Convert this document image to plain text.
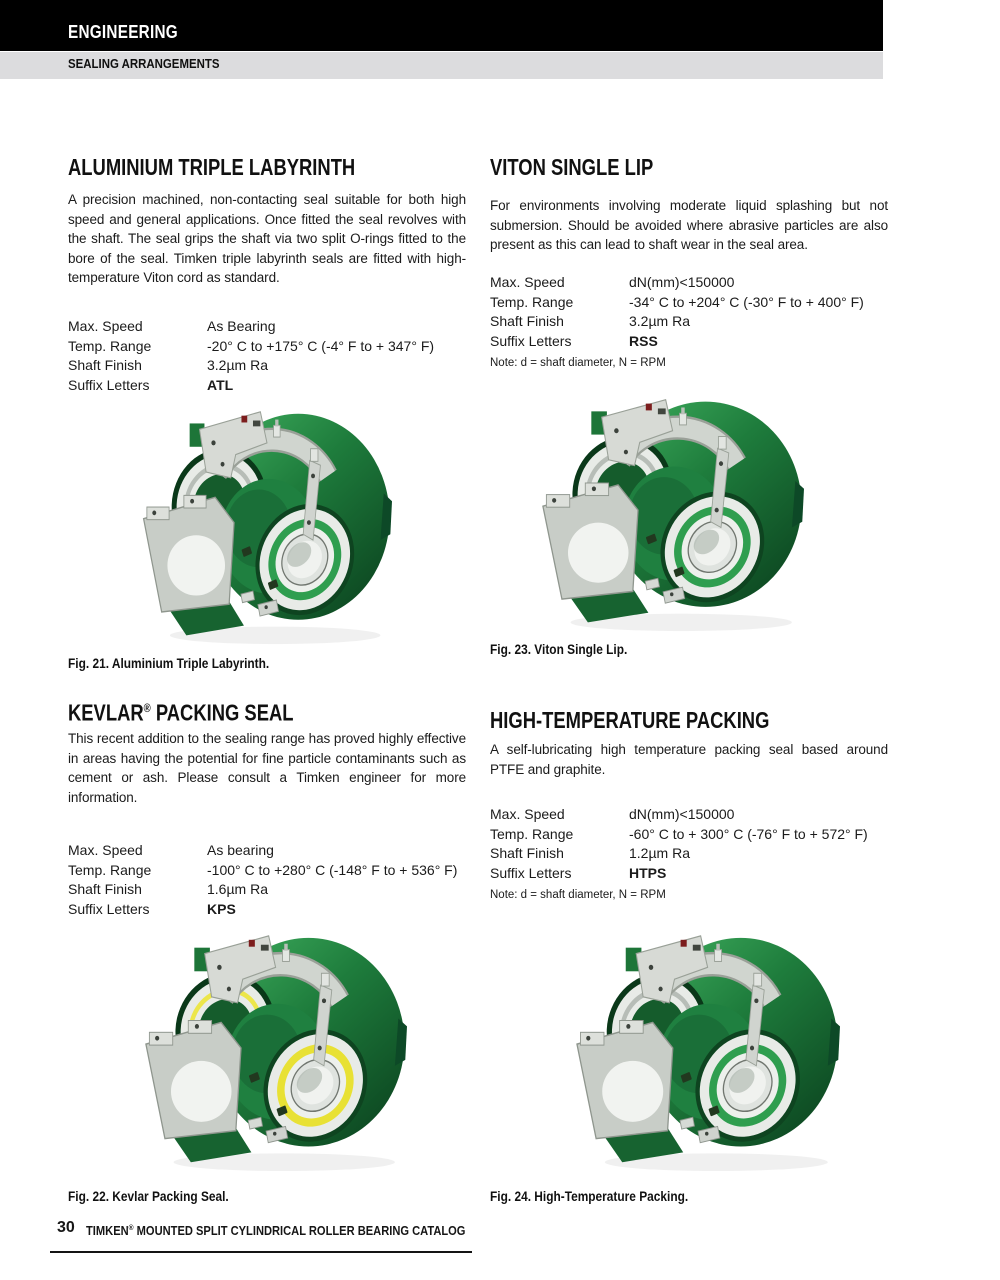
ENGINEERING
SEALING ARRANGEMENTS
ALUMINIUM TRIPLE LABYRINTH

A precision machined, non-contacting seal suitable for both high speed and general applications. Once fitted the seal revolves with the shaft. The seal grips the shaft via two split O-rings fitted to the bore of the seal. Timken triple labyrinth seals are fitted with high-temperature Viton cord as standard.

Max. Speed	As Bearing
Temp. Range	-20° C to +175° C (-4° F to + 347° F)
Shaft Finish	3.2µm Ra
Suffix Letters	ATL
Fig. 21. Aluminium Triple Labyrinth.
VITON SINGLE LIP

For environments involving moderate liquid splashing but not submersion. Should be avoided where abrasive particles are also present as this can lead to shaft wear in the seal area.

Max. Speed	dN(mm)<150000
Temp. Range	-34° C to +204° C (-30° F to + 400° F)
Shaft Finish	3.2µm Ra
Suffix Letters	RSS
Note: d = shaft diameter, N = RPM
Fig. 23. Viton Single Lip.
KEVLAR® PACKING SEAL

This recent addition to the sealing range has proved highly effective in areas having the potential for fine particle contaminants such as cement or ash. Please consult a Timken engineer for more information.

Max. Speed	As bearing
Temp. Range	-100° C to +280° C (-148° F to + 536° F)
Shaft Finish	1.6µm Ra
Suffix Letters	KPS
Fig. 22. Kevlar Packing Seal.
HIGH-TEMPERATURE PACKING

A self-lubricating high temperature packing seal based around PTFE and graphite.

Max. Speed	dN(mm)<150000
Temp. Range	-60° C to + 300° C (-76° F to + 572° F)
Shaft Finish	1.2µm Ra
Suffix Letters	HTPS
Note: d = shaft diameter, N = RPM
Fig. 24. High-Temperature Packing.
30 TIMKEN® MOUNTED SPLIT CYLINDRICAL ROLLER BEARING CATALOG
